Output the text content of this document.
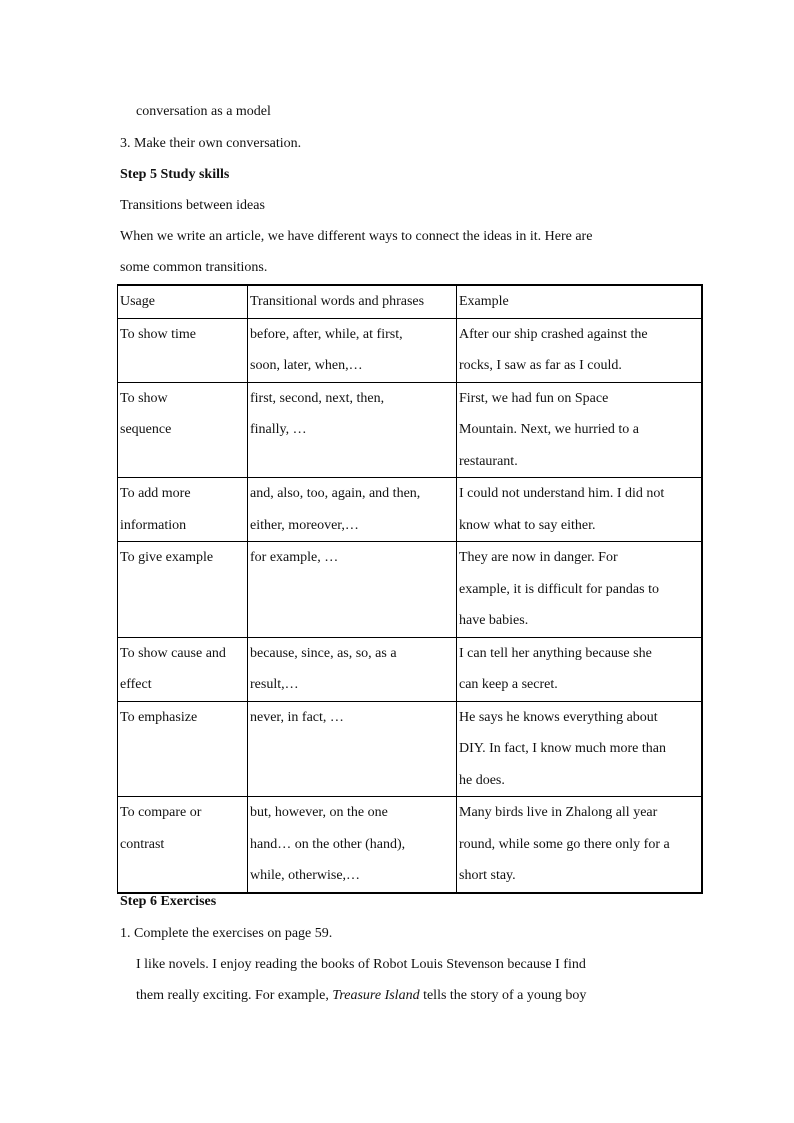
conversation as a model
3. Make their own conversation.
Step 5 Study skills
Transitions between ideas
When we write an article, we have different ways to connect the ideas in it. Here are
some common transitions.
Usage	Transitional words and phrases	Example

To show time	before, after, while, at first,
soon, later, when,…	After our ship crashed against the
rocks, I saw as far as I could.

To show
sequence	first, second, next, then,
finally, …	First, we had fun on Space
Mountain. Next, we hurried to a
restaurant.

To add more
information	and, also, too, again, and then,
either, moreover,…	I could not understand him. I did not
know what to say either.

To give example	for example, …	They are now in danger. For
example, it is difficult for pandas to
have babies.

To show cause and
effect	because, since, as, so, as a
result,…	I can tell her anything because she
can keep a secret.

To emphasize	never, in fact, …	He says he knows everything about
DIY. In fact, I know much more than
he does.

To compare or
contrast	but, however, on the one
hand… on the other (hand),
while, otherwise,…	Many birds live in Zhalong all year
round, while some go there only for a
short stay.
Step 6 Exercises
1. Complete the exercises on page 59.
I like novels. I enjoy reading the books of Robot Louis Stevenson because I find
them really exciting. For example, Treasure Island tells the story of a young boy
